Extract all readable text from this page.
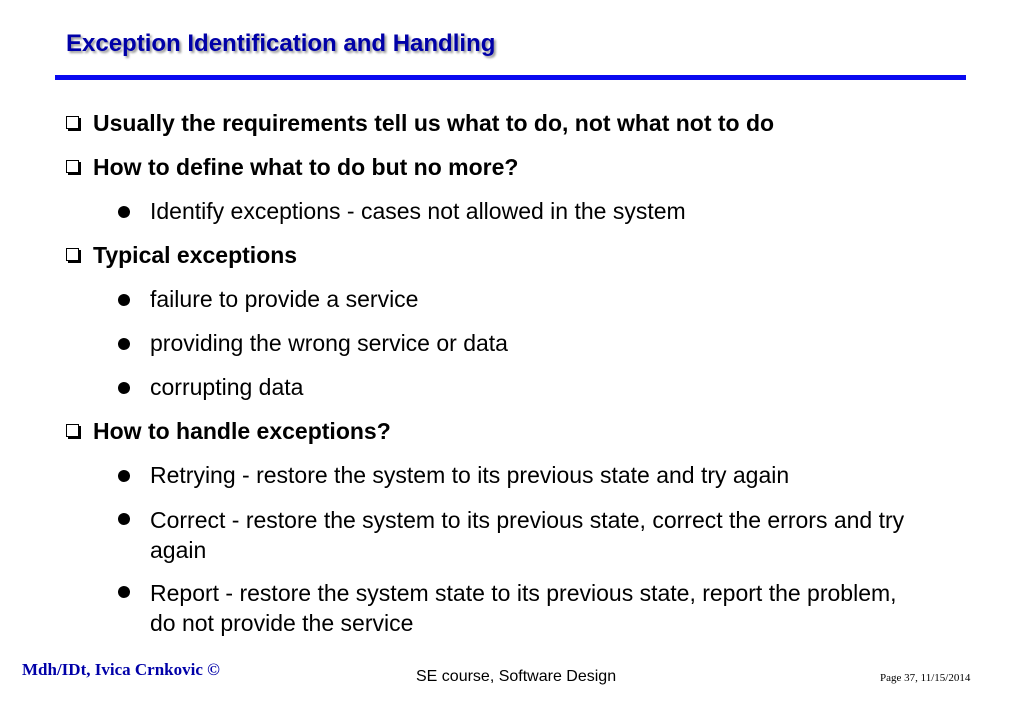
Exception Identification and Handling
Usually the requirements tell us what to do, not what not to do
How to define what to do but no more?
Identify exceptions - cases not allowed in the system
Typical exceptions
failure to provide a service
providing the wrong service or data
corrupting data
How to handle exceptions?
Retrying - restore the system to its previous state and try again
Correct - restore the system to its previous state, correct the errors and try again
Report - restore the system state to its previous state, report the problem, do not provide the service
Mdh/IDt, Ivica Crnkovic ©	SE course, Software Design	Page 37, 11/15/2014
